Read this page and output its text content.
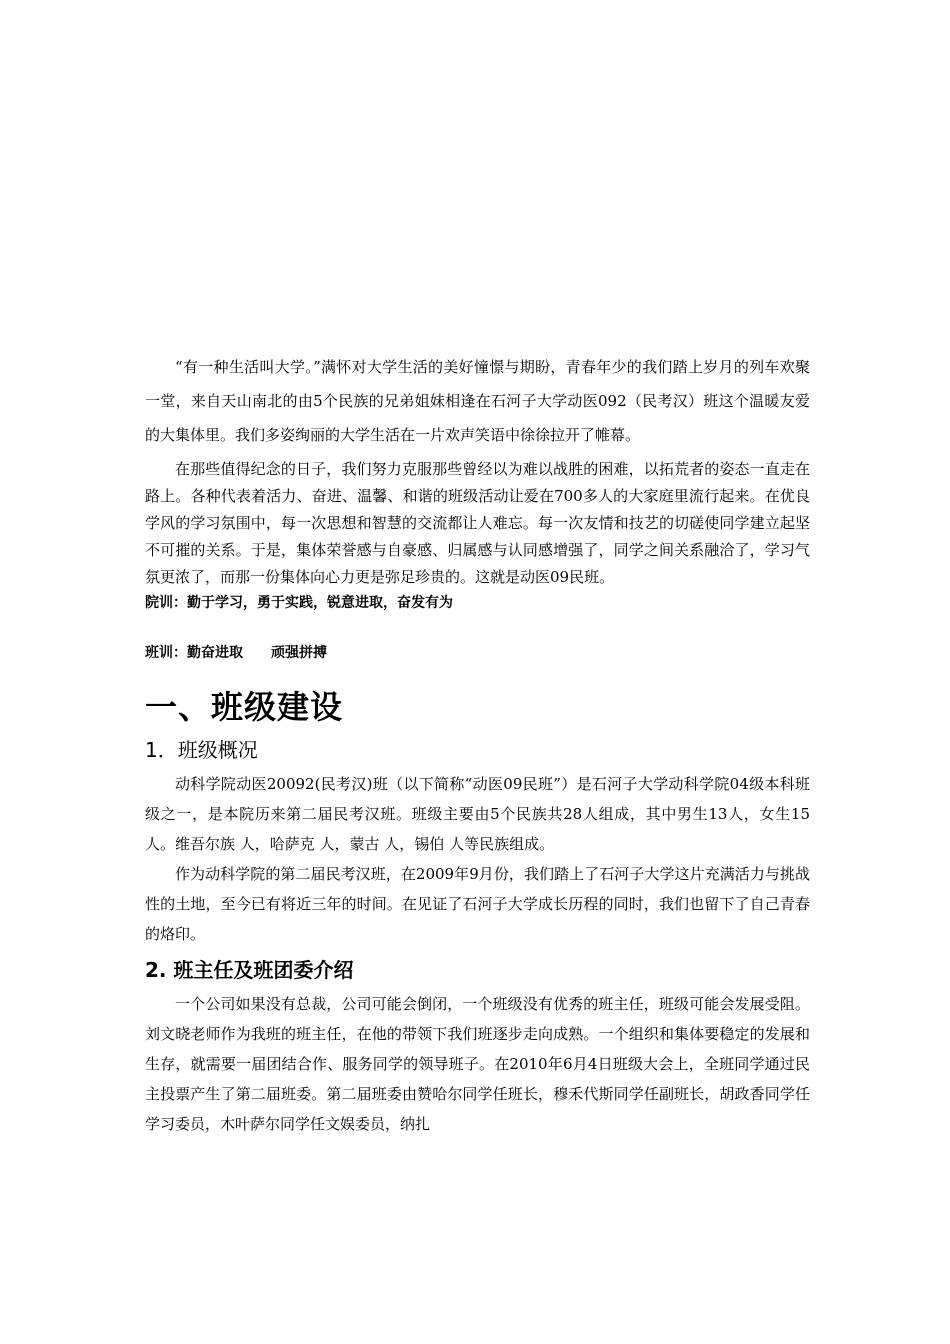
“有一种生活叫大学。”满怀对大学生活的美好憧憬与期盼，青春年少的我们踏上岁月的列车欢聚一堂，来自天山南北的由5个民族的兄弟姐妹相逢在石河子大学动医092（民考汉）班这个温暖友爱的大集体里。我们多姿绚丽的大学生活在一片欢声笑语中徐徐拉开了帷幕。

在那些值得纪念的日子，我们努力克服那些曾经以为难以战胜的困难，以拓荒者的姿态一直走在路上。各种代表着活力、奋进、温馨、和谐的班级活动让爱在700多人的大家庭里流行起来。在优良学风的学习氛围中，每一次思想和智慧的交流都让人难忘。每一次友情和技艺的切磋使同学建立起坚不可摧的关系。于是，集体荣誉感与自豪感、归属感与认同感增强了，同学之间关系融洽了，学习气氛更浓了，而那一份集体向心力更是弥足珍贵的。这就是动医09民班。

院训：勤于学习，勇于实践，锐意进取，奋发有为

班训：勤奋进取　　顽强拼搏

一、班级建设
1．班级概况

动科学院动医20092(民考汉)班（以下简称“动医09民班”）是石河子大学动科学院04级本科班级之一，是本院历来第二届民考汉班。班级主要由5个民族共28人组成，其中男生13人，女生15人。维吾尔族 人，哈萨克 人，蒙古 人，锡伯 人等民族组成。

作为动科学院的第二届民考汉班，在2009年9月份，我们踏上了石河子大学这片充满活力与挑战性的土地，至今已有将近三年的时间。在见证了石河子大学成长历程的同时，我们也留下了自己青春的烙印。

2. 班主任及班团委介绍

一个公司如果没有总裁，公司可能会倒闭，一个班级没有优秀的班主任，班级可能会发展受阻。刘文晓老师作为我班的班主任，在他的带领下我们班逐步走向成熟。一个组织和集体要稳定的发展和生存，就需要一届团结合作、服务同学的领导班子。在2010年6月4日班级大会上，全班同学通过民主投票产生了第二届班委。第二届班委由赞哈尔同学任班长，穆禾代斯同学任副班长，胡政香同学任学习委员，木叶萨尔同学任文娱委员，纳扎
